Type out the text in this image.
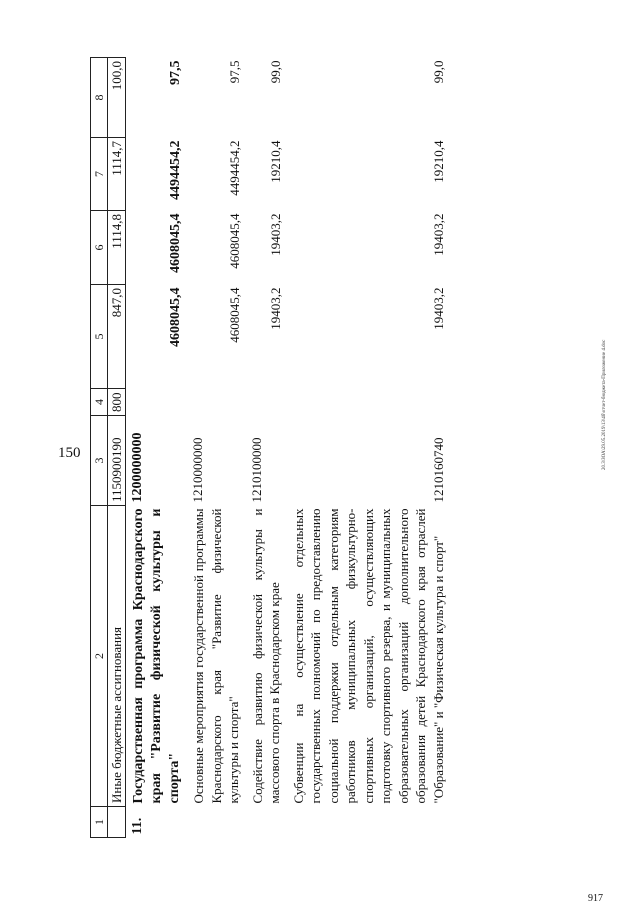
150	20.3\ЗОА\29.05.2019\13\4б\отчет-бюджета-Приложение 4.doc
917
1	2	3	4	5	6	7	8
	Иные бюджетные ассигнования	1150900190	800	847,0	1114,8	1114,7	100,0
11.	Государственная программа Краснодарского края "Развитие физической культуры и спорта"	1200000000		4608045,4	4608045,4	4494454,2	97,5
	Основные мероприятия государственной программы Краснодарского края "Развитие физической культуры и спорта"	1210000000		4608045,4	4608045,4	4494454,2	97,5
	Содействие развитию физической культуры и массового спорта в Краснодарском крае	1210100000		19403,2	19403,2	19210,4	99,0
	Субвенции на осуществление отдельных государственных полномочий по предоставлению социальной поддержки отдельным категориям работников муниципальных физкультурно-спортивных организаций, осуществляющих подготовку спортивного резерва, и муниципальных образовательных организаций дополнительного образования детей Краснодарского края отраслей "Образование" и "Физическая культура и спорт"	1210160740		19403,2	19403,2	19210,4	99,0
